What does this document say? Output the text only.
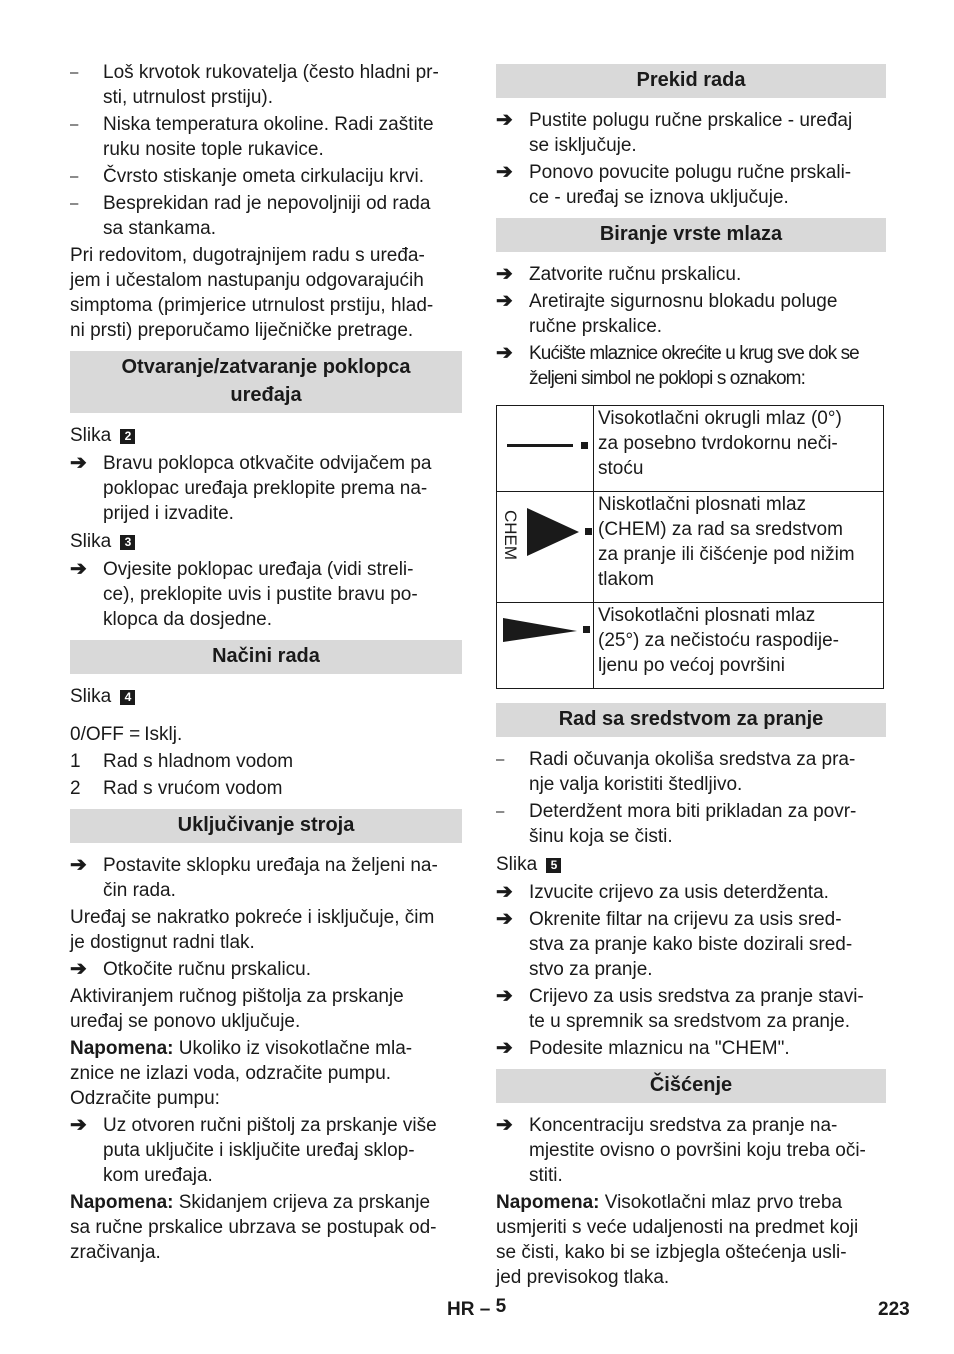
–	Loš krvotok rukovatelja (često hladni pr-
sti, utrnulost prstiju).

–	Niska temperatura okoline. Radi zaštite
ruku nosite tople rukavice.

–	Čvrsto stiskanje ometa cirkulaciju krvi.

–	Besprekidan rad je nepovoljniji od rada
sa stankama.

Pri redovitom, dugotrajnijem radu s uređa-
jem i učestalom nastupanju odgovarajućih
simptoma (primjerice utrnulost prstiju, hlad-
ni prsti) preporučamo liječničke pretrage.

Otvaranje/zatvaranje poklopca
uređaja

Slika 2

➔ Bravu poklopca otkvačite odvijačem pa
poklopac uređaja preklopite prema na-
prijed i izvadite.

Slika 3

➔ Ovjesite poklopac uređaja (vidi streli-
ce), preklopite uvis i pustite bravu po-
klopca da dosjedne.

Načini rada

Slika 4

0/OFF = Isklj.
1	Rad s hladnom vodom
2	Rad s vrućom vodom
Uključivanje stroja
➔ Postavite sklopku uređaja na željeni na-
čin rada.

Uređaj se nakratko pokreće i isključuje, čim
je dostignut radni tlak.

➔ Otkočite ručnu prskalicu.

Aktiviranjem ručnog pištolja za prskanje
uređaj se ponovo uključuje.

Napomena: Ukoliko iz visokotlačne mla-
znice ne izlazi voda, odzračite pumpu.
Odzračite pumpu:

➔ Uz otvoren ručni pištolj za prskanje više
puta uključite i isključite uređaj sklop-
kom uređaja.

Napomena: Skidanjem crijeva za prskanje
sa ručne prskalice ubrzava se postupak od-
zračivanja.

Prekid rada
➔ Pustite polugu ručne prskalice - uređaj
se isključuje.

➔ Ponovo povucite polugu ručne prskali-
ce - uređaj se iznova uključuje.

Biranje vrste mlaza
➔ Zatvorite ručnu prskalicu.

➔ Aretirajte sigurnosnu blokadu poluge
ručne prskalice.

➔ Kućište mlaznice okrećite u krug sve dok se
željeni simbol ne poklopi s oznakom:

	Visokotlačni okrugli mlaz (0°)
za posebno tvrdokornu neči-
stoću

CHEM	Niskotlačni plosnati mlaz
(CHEM) za rad sa sredstvom
za pranje ili čišćenje pod nižim
tlakom
	Visokotlačni plosnati mlaz
(25°) za nečistoću raspodije-
ljenu po većoj površini
Rad sa sredstvom za pranje
–	Radi očuvanja okoliša sredstva za pra-
nje valja koristiti štedljivo.

–	Deterdžent mora biti prikladan za povr-
šinu koja se čisti.

Slika 5

➔ Izvucite crijevo za usis deterdženta.

➔ Okrenite filtar na crijevu za usis sred-
stva za pranje kako biste dozirali sred-
stvo za pranje.

➔ Crijevo za usis sredstva za pranje stavi-
te u spremnik sa sredstvom za pranje.

➔ Podesite mlaznicu na "CHEM".

Čišćenje
➔ Koncentraciju sredstva za pranje na-
mjestite ovisno o površini koju treba oči-
stiti.

Napomena: Visokotlačni mlaz prvo treba
usmjeriti s veće udaljenosti na predmet koji
se čisti, kako bi se izbjegla oštećenja usli-
jed previsokog tlaka.

HR – 5	223
